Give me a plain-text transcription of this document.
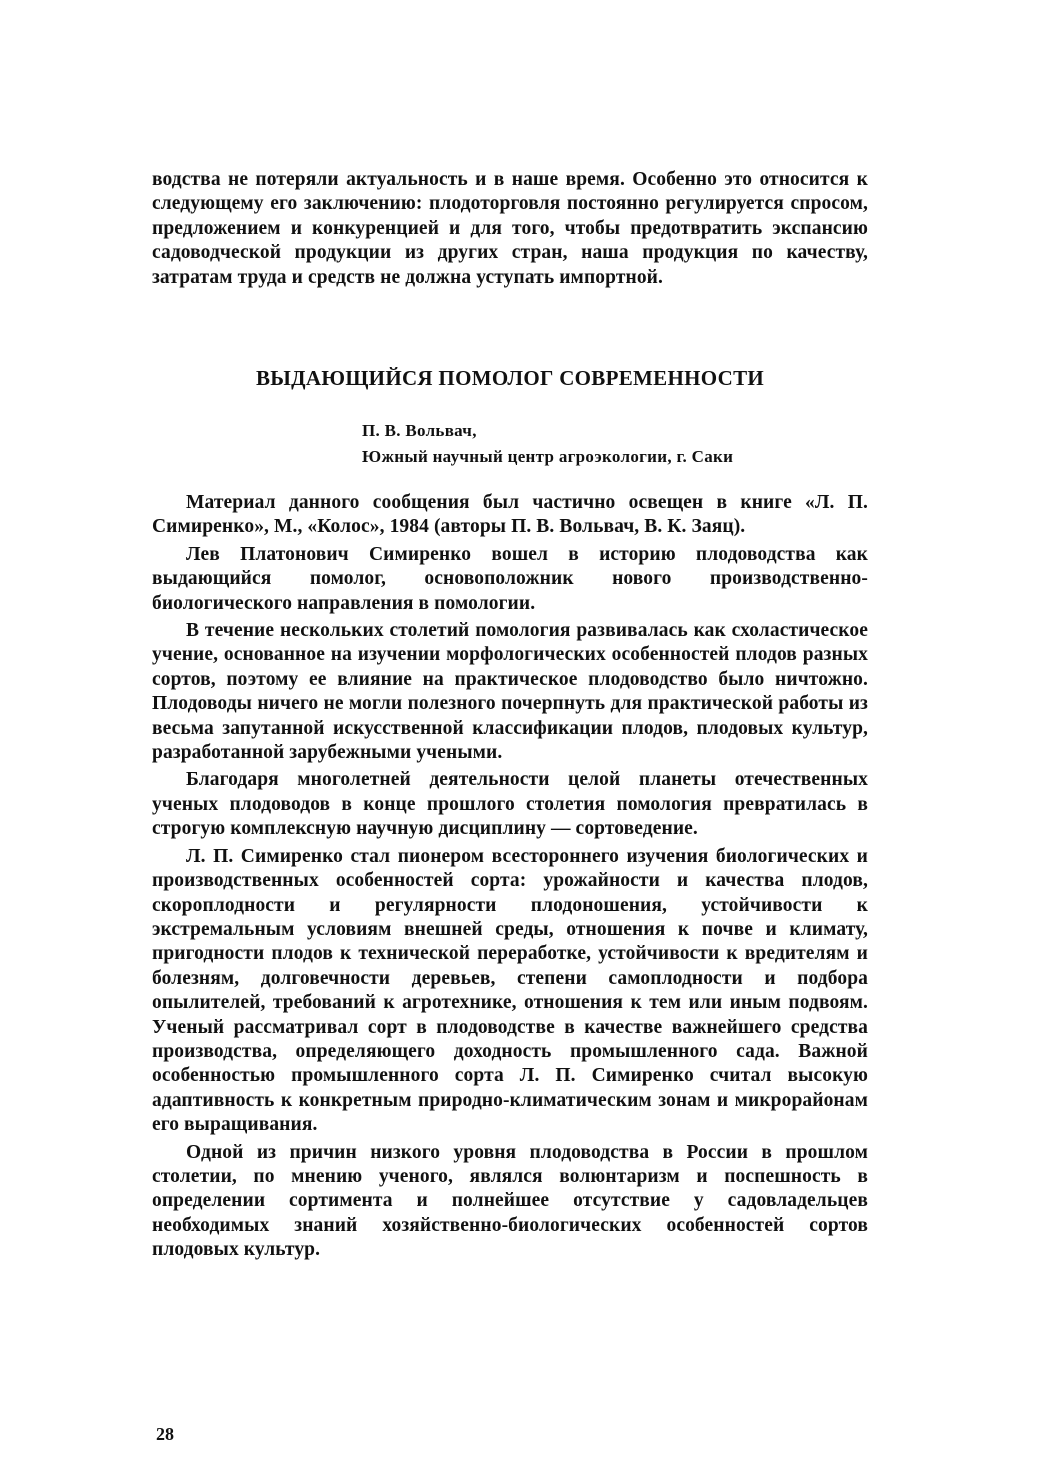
водства не потеряли актуальность и в наше время. Особенно это относится к следующему его заключению: плодоторговля постоянно регулируется спросом, предложением и конкуренцией и для того, чтобы предотвратить экспансию садоводческой продукции из других стран, наша продукция по качеству, затратам труда и средств не должна уступать импортной.

ВЫДАЮЩИЙСЯ ПОМОЛОГ СОВРЕМЕННОСТИ
П. В. Вольвач,
Южный научный центр агроэкологии, г. Саки

Материал данного сообщения был частично освещен в книге «Л. П. Симиренко», М., «Колос», 1984 (авторы П. В. Вольвач, В. К. Заяц).

Лев Платонович Симиренко вошел в историю плодоводства как выдающийся помолог, основоположник нового производственно-биологического направления в помологии.

В течение нескольких столетий помология развивалась как схоластическое учение, основанное на изучении морфологических особенностей плодов разных сортов, поэтому ее влияние на практическое плодоводство было ничтожно. Плодоводы ничего не могли полезного почерпнуть для практической работы из весьма запутанной искусственной классификации плодов, плодовых культур, разработанной зарубежными учеными.

Благодаря многолетней деятельности целой планеты отечественных ученых плодоводов в конце прошлого столетия помология превратилась в строгую комплексную научную дисциплину — сортоведение.

Л. П. Симиренко стал пионером всестороннего изучения биологических и производственных особенностей сорта: урожайности и качества плодов, скороплодности и регулярности плодоношения, устойчивости к экстремальным условиям внешней среды, отношения к почве и климату, пригодности плодов к технической переработке, устойчивости к вредителям и болезням, долговечности деревьев, степени самоплодности и подбора опылителей, требований к агротехнике, отношения к тем или иным подвоям. Ученый рассматривал сорт в плодоводстве в качестве важнейшего средства производства, определяющего доходность промышленного сада. Важной особенностью промышленного сорта Л. П. Симиренко считал высокую адаптивность к конкретным природно-климатическим зонам и микрорайонам его выращивания.

Одной из причин низкого уровня плодоводства в России в прошлом столетии, по мнению ученого, являлся волюнтаризм и поспешность в определении сортимента и полнейшее отсутствие у садовладельцев необходимых знаний хозяйственно-биологических особенностей сортов плодовых культур.

28
